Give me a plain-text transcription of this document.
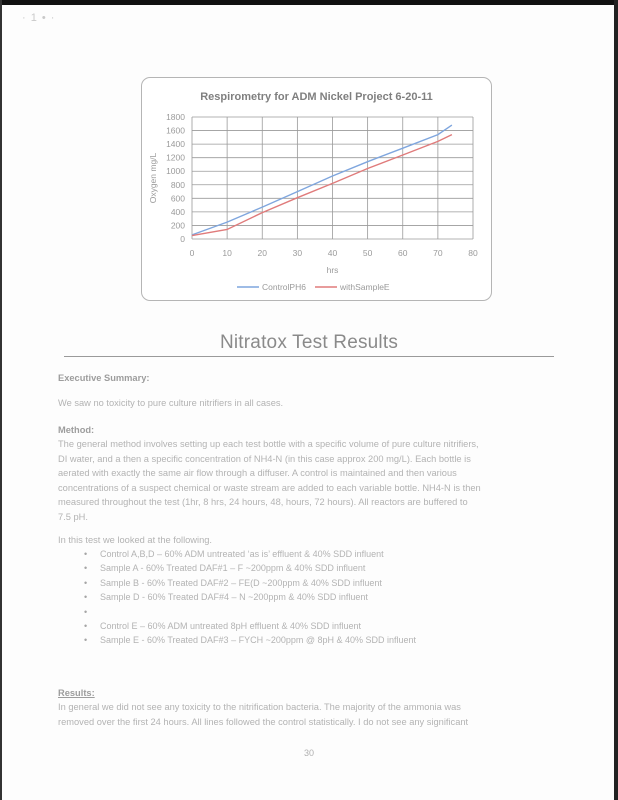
· 1 • ·
Respirometry for ADM Nickel Project 6-20-11
0
200
400
600
800
1000
1200
1400
1600
1800
0	10	20	30	40	50	60	70	80
hrs
Oxygen mg/L
ControlPH6	withSampleE
Nitratox Test Results
Executive Summary:
We saw no toxicity to pure culture nitrifiers in all cases.
Method:
The general method involves setting up each test bottle with a specific volume of pure culture nitrifiers,
DI water, and a then a specific concentration of NH4-N (in this case approx 200 mg/L). Each bottle is
aerated with exactly the same air flow through a diffuser. A control is maintained and then various
concentrations of a suspect chemical or waste stream are added to each variable bottle. NH4-N is then
measured throughout the test (1hr, 8 hrs, 24 hours, 48, hours, 72 hours). All reactors are buffered to
7.5 pH.
In this test we looked at the following.
• Control A,B,D – 60% ADM untreated ‘as is’ effluent & 40% SDD influent
• Sample A - 60% Treated DAF#1 – F ~200ppm & 40% SDD influent
• Sample B - 60% Treated DAF#2 – FE(D ~200ppm & 40% SDD influent
• Sample D - 60% Treated DAF#4 – N ~200ppm & 40% SDD influent
•
• Control E – 60% ADM untreated 8pH effluent & 40% SDD influent
• Sample E - 60% Treated DAF#3 – FYCH ~200ppm @ 8pH & 40% SDD influent
Results:
In general we did not see any toxicity to the nitrification bacteria. The majority of the ammonia was
removed over the first 24 hours. All lines followed the control statistically. I do not see any significant
30
